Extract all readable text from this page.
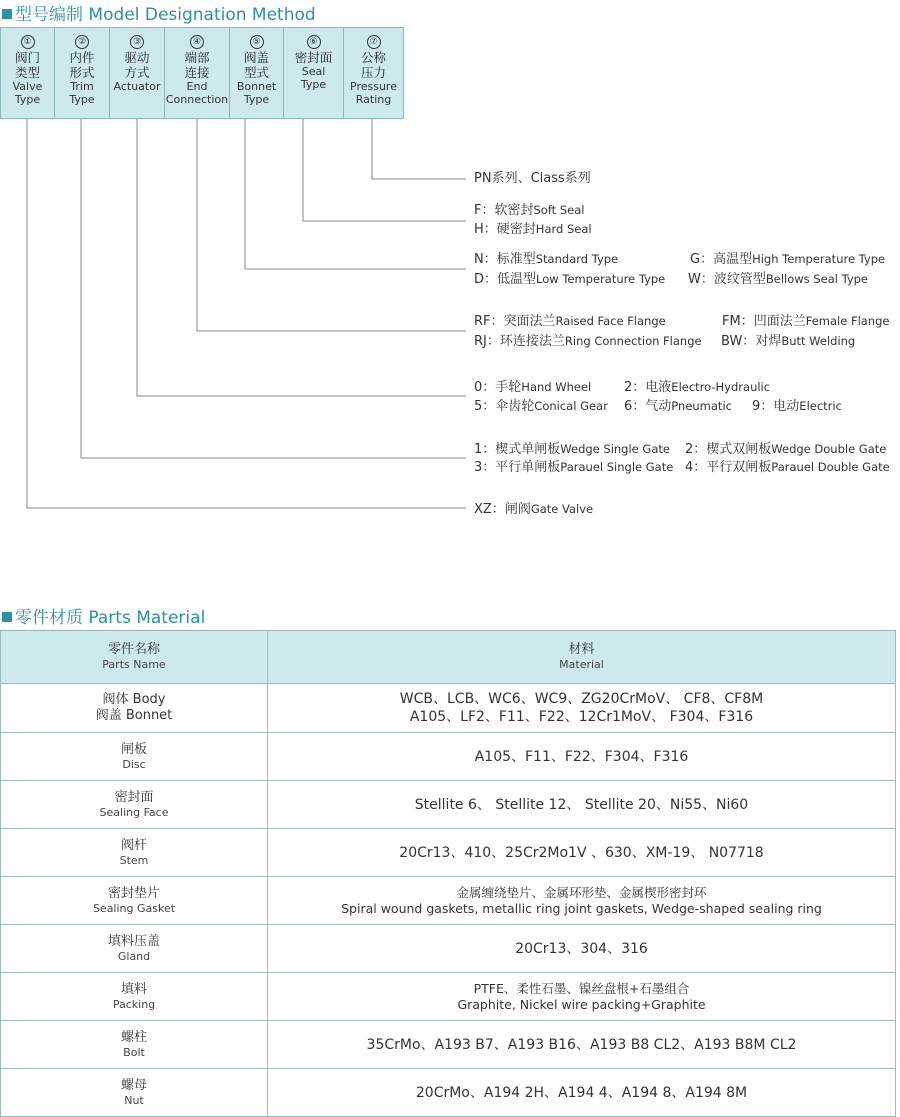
型号编制 Model Designation Method
①
阀门
类型
Valve
Type
②
内件
形式
Trim
Type
③
驱动
方式
Actuator
④
端部
连接
End
Connection
⑤
阀盖
型式
Bonnet
Type
⑥
密封面
Seal
Type
⑦
公称
压力
Pressure
Rating
PN系列、Class系列
F：软密封Soft Seal
H：硬密封Hard Seal
N：标准型Standard Type	G：高温型High Temperature Type
D：低温型Low Temperature Type W：波纹管型Bellows Seal Type
RF：突面法兰Raised Face Flange	FM：凹面法兰Female Flange
RJ：环连接法兰Ring Connection Flange BW：对焊Butt Welding
0：手轮Hand Wheel	2：电液Electro-Hydraulic
5：伞齿轮Conical Gear 6：气动Pneumatic 9：电动Electric
1：楔式单闸板Wedge Single Gate 2：楔式双闸板Wedge Double Gate
3：平行单闸板Parauel Single Gate 4：平行双闸板Parauel Double Gate
XZ：闸阀Gate Valve
零件材质 Parts Material
零件名称
Parts Name	材料
Material

阀体 Body
阀盖 Bonnet	WCB、LCB、WC6、WC9、ZG20CrMoV、 CF8、CF8M
A105、LF2、F11、F22、12Cr1MoV、 F304、F316

闸板
Disc	A105、F11、F22、F304、F316

密封面
Sealing Face	Stellite 6、 Stellite 12、 Stellite 20、Ni55、Ni60

阀杆
Stem	20Cr13、410、25Cr2Mo1V 、630、XM-19、 N07718

密封垫片
Sealing Gasket	金属缠绕垫片、金属环形垫、金属楔形密封环
Spiral wound gaskets, metallic ring joint gaskets, Wedge-shaped sealing ring

填料压盖
Gland	20Cr13、304、316

填料
Packing	PTFE、柔性石墨、镍丝盘根+石墨组合
Graphite, Nickel wire packing+Graphite

螺柱
Bolt	35CrMo、A193 B7、A193 B16、A193 B8 CL2、A193 B8M CL2

螺母
Nut	20CrMo、A194 2H、A194 4、A194 8、A194 8M
